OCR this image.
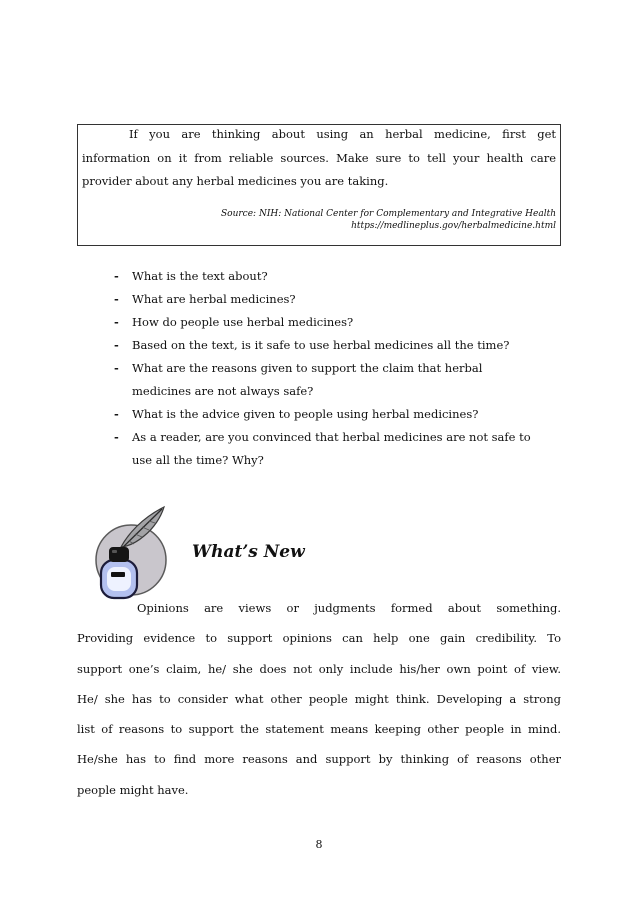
If you are thinking about using an herbal medicine, first get
information on it from reliable sources. Make sure to tell your health care
provider about any herbal medicines you are taking.
Source: NIH: National Center for Complementary and Integrative Health
https://medlineplus.gov/herbalmedicine.html
- What is the text about?
- What are herbal medicines?
- How do people use herbal medicines?
- Based on the text, is it safe to use herbal medicines all the time?
- What are the reasons given to support the claim that herbal
medicines are not always safe?
- What is the advice given to people using herbal medicines?
- As a reader, are you convinced that herbal medicines are not safe to
use all the time? Why?
What’s New
Opinions are views or judgments formed about something.
Providing evidence to support opinions can help one gain credibility. To
support one’s claim, he/ she does not only include his/her own point of view.
He/ she has to consider what other people might think. Developing a strong
list of reasons to support the statement means keeping other people in mind.
He/she has to find more reasons and support by thinking of reasons other
people might have.
8
